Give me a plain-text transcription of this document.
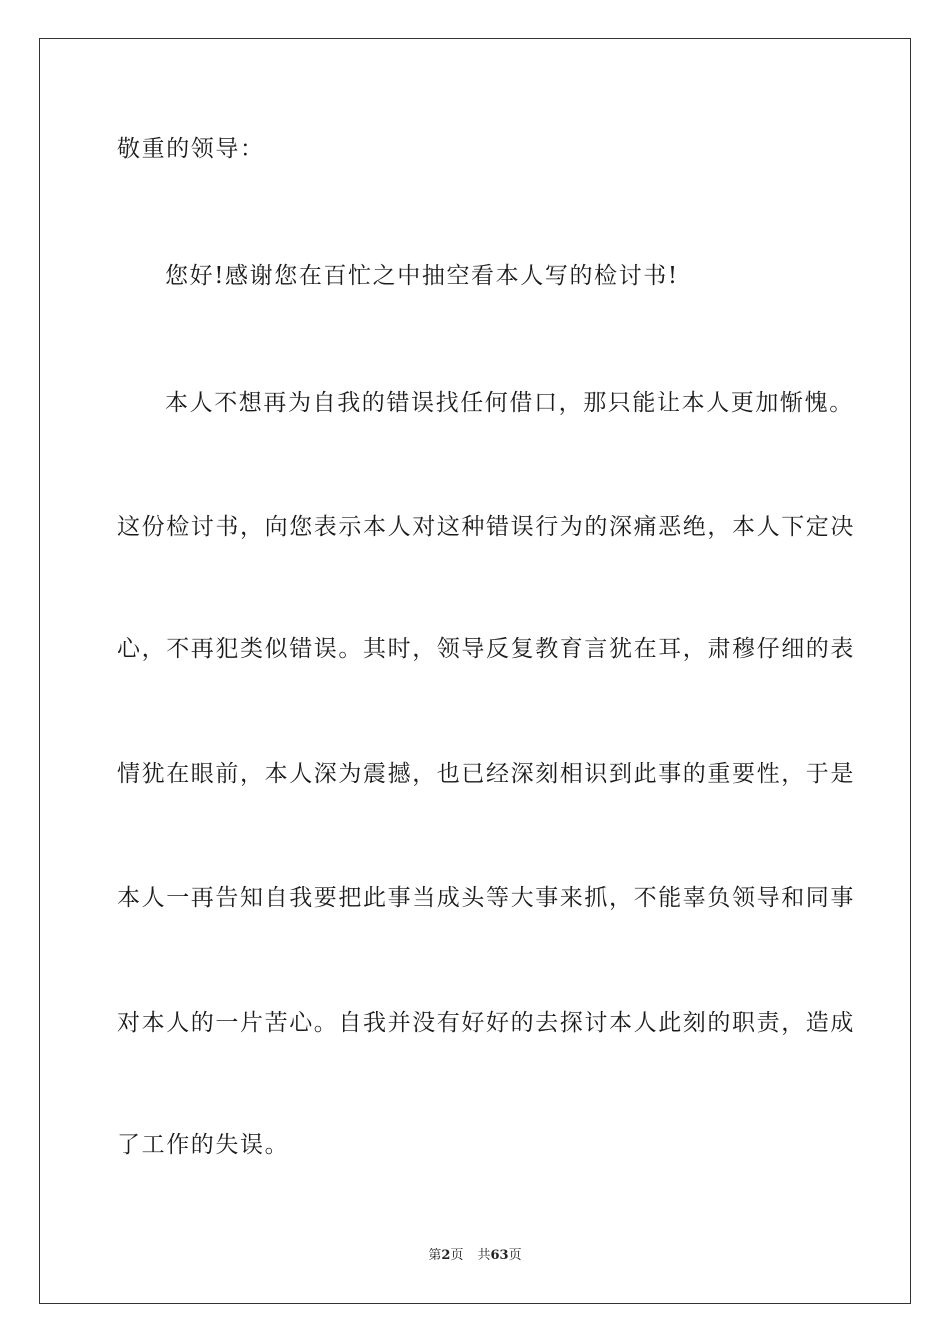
敬重的领导：
您好!感谢您在百忙之中抽空看本人写的检讨书!
本人不想再为自我的错误找任何借口，那只能让本人更加惭愧。
这份检讨书，向您表示本人对这种错误行为的深痛恶绝，本人下定决
心，不再犯类似错误。其时，领导反复教育言犹在耳，肃穆仔细的表
情犹在眼前，本人深为震撼，也已经深刻相识到此事的重要性，于是
本人一再告知自我要把此事当成头等大事来抓，不能辜负领导和同事
对本人的一片苦心。自我并没有好好的去探讨本人此刻的职责，造成
了工作的失误。
第2页 共63页
